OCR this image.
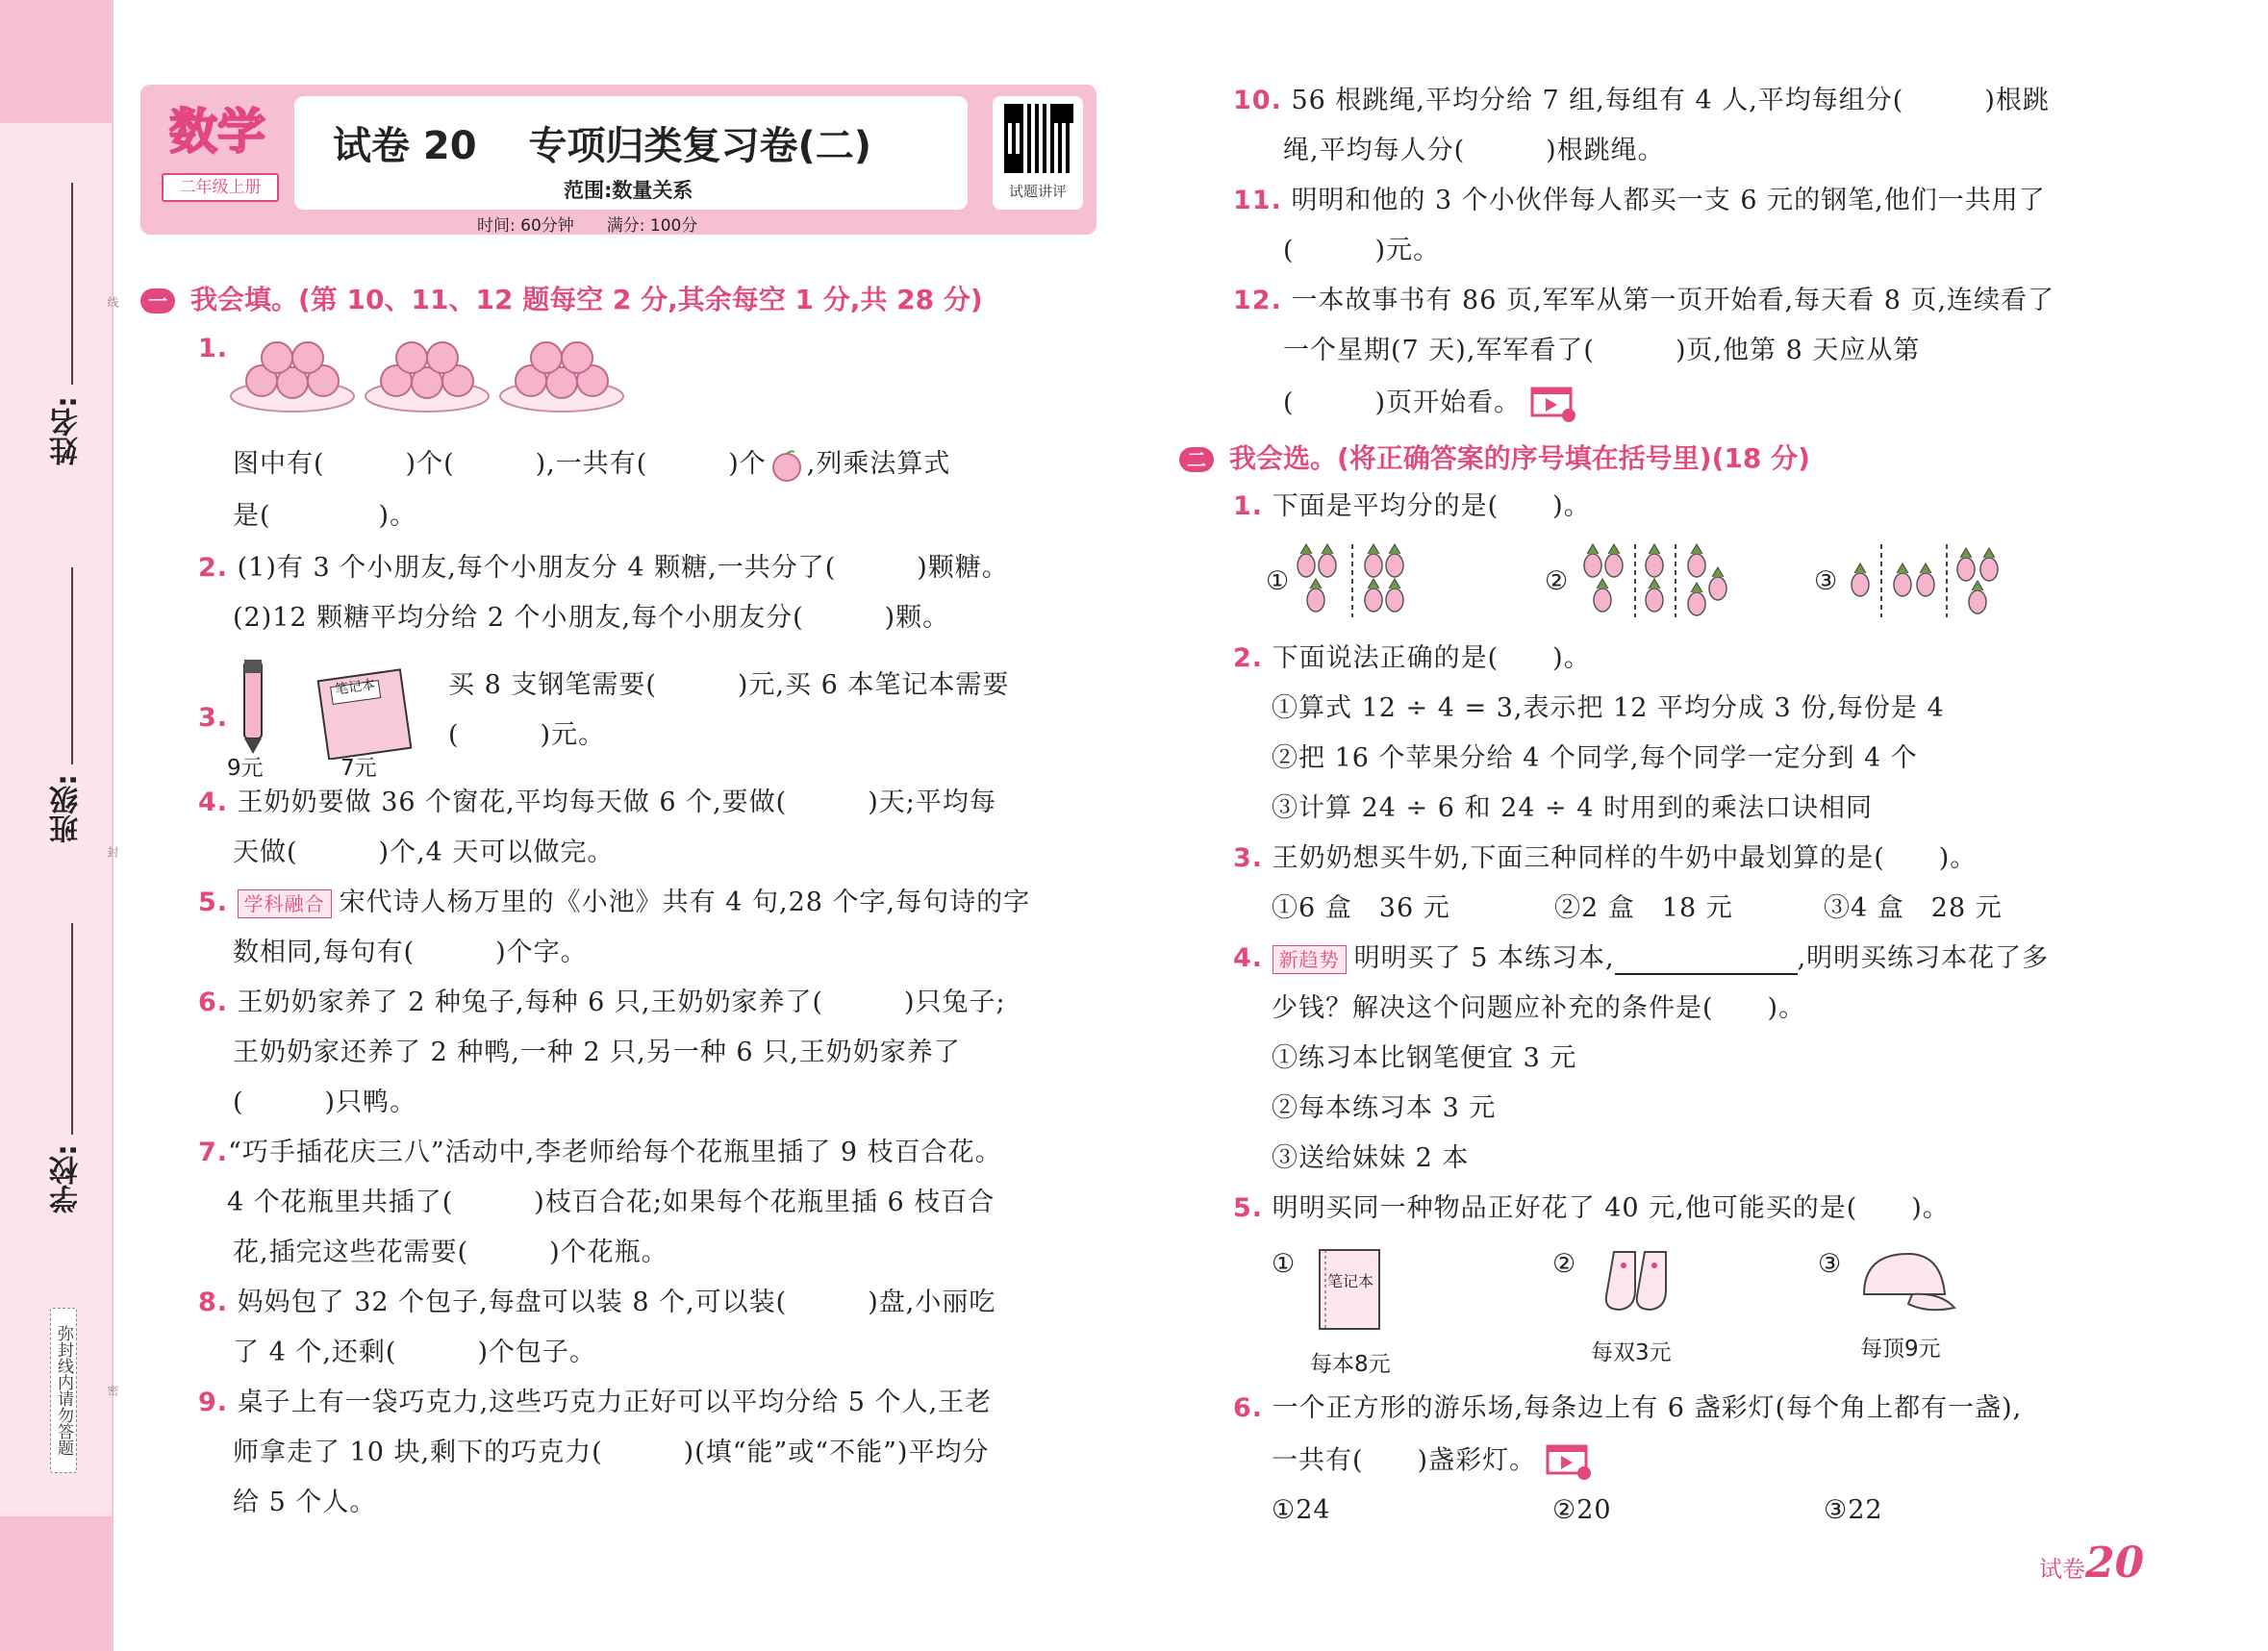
姓名:
班级:
学校:
线
封
密
弥封线内请勿答题
数学
二年级上册
试卷 20　 专项归类复习卷(二)
范围:数量关系
时间: 60分钟　　满分: 100分
试题讲评
一 我会填。(第 10、11、12 题每空 2 分,其余每空 1 分,共 28 分)
1.
图中有(　　　)个(　　　),一共有(　　　)个 ,列乘法算式
是(　　　　)。
2. (1)有 3 个小朋友,每个小朋友分 4 颗糖,一共分了(　　　)颗糖。
(2)12 颗糖平均分给 2 个小朋友,每个小朋友分(　　　)颗。
3.
笔记本
9元	7元
买 8 支钢笔需要(　　　)元,买 6 本笔记本需要
(　　　)元。
4. 王奶奶要做 36 个窗花,平均每天做 6 个,要做(　　　)天;平均每
天做(　　　)个,4 天可以做完。
5. 学科融合 宋代诗人杨万里的《小池》共有 4 句,28 个字,每句诗的字
数相同,每句有(　　　)个字。
6. 王奶奶家养了 2 种兔子,每种 6 只,王奶奶家养了(　　　)只兔子;
王奶奶家还养了 2 种鸭,一种 2 只,另一种 6 只,王奶奶家养了
(　　　)只鸭。
7.“巧手插花庆三八”活动中,李老师给每个花瓶里插了 9 枝百合花。
4 个花瓶里共插了(　　　)枝百合花;如果每个花瓶里插 6 枝百合
花,插完这些花需要(　　　)个花瓶。
8. 妈妈包了 32 个包子,每盘可以装 8 个,可以装(　　　)盘,小丽吃
了 4 个,还剩(　　　)个包子。
9. 桌子上有一袋巧克力,这些巧克力正好可以平均分给 5 个人,王老
师拿走了 10 块,剩下的巧克力(　　　)(填“能”或“不能”)平均分
给 5 个人。
10. 56 根跳绳,平均分给 7 组,每组有 4 人,平均每组分(　　　)根跳
绳,平均每人分(　　　)根跳绳。
11. 明明和他的 3 个小伙伴每人都买一支 6 元的钢笔,他们一共用了
(　　　)元。
12. 一本故事书有 86 页,军军从第一页开始看,每天看 8 页,连续看了
一个星期(7 天),军军看了(　　　)页,他第 8 天应从第
(　　　)页开始看。
二 我会选。(将正确答案的序号填在括号里)(18 分)
1. 下面是平均分的是(　　)。
①	②	③
2. 下面说法正确的是(　　)。
①算式 12 ÷ 4 = 3,表示把 12 平均分成 3 份,每份是 4
②把 16 个苹果分给 4 个同学,每个同学一定分到 4 个
③计算 24 ÷ 6 和 24 ÷ 4 时用到的乘法口诀相同
3. 王奶奶想买牛奶,下面三种同样的牛奶中最划算的是(　　)。
①6 盒　36 元	②2 盒　18 元	③4 盒　28 元
4. 新趋势 明明买了 5 本练习本,	,明明买练习本花了多
少钱？解决这个问题应补充的条件是(　　)。
①练习本比钢笔便宜 3 元
②每本练习本 3 元
③送给妹妹 2 本
5. 明明买同一种物品正好花了 40 元,他可能买的是(　　)。
①	②	③
笔记本
每本8元	每双3元	每顶9元
6. 一个正方形的游乐场,每条边上有 6 盏彩灯(每个角上都有一盏),
一共有(　　)盏彩灯。
①24	②20	③22
试卷20
